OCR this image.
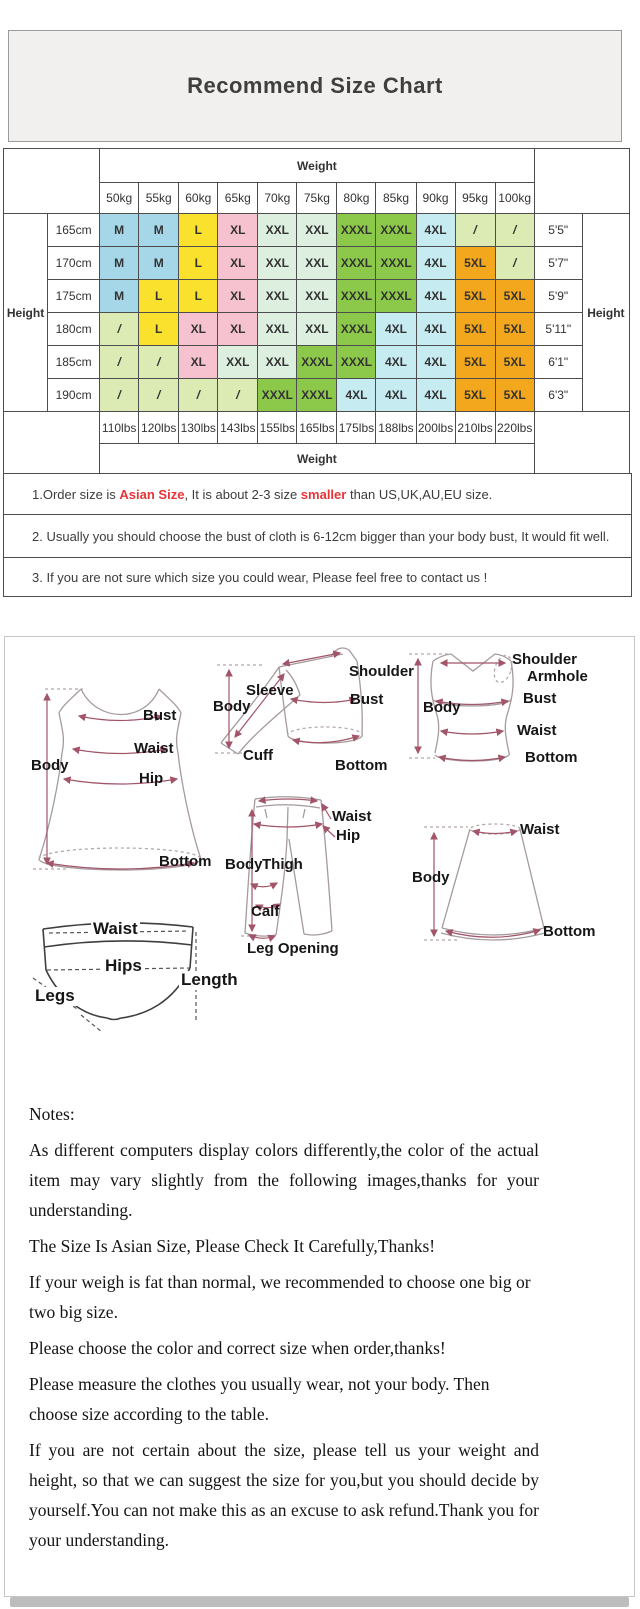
Recommend Size Chart
		Weight												
		50kg	55kg	60kg	65kg	70kg	75kg	80kg	85kg	90kg	95kg	100kg		
Height	165cm	M	M	L	XL	XXL	XXL	XXXL	XXXL	4XL	/	/	5'5"	Height
	170cm	M	M	L	XL	XXL	XXL	XXXL	XXXL	4XL	5XL	/	5'7"	
	175cm	M	L	L	XL	XXL	XXL	XXXL	XXXL	4XL	5XL	5XL	5'9"	
	180cm	/	L	XL	XL	XXL	XXL	XXXL	4XL	4XL	5XL	5XL	5'11"	
	185cm	/	/	XL	XXL	XXL	XXXL	XXXL	4XL	4XL	5XL	5XL	6'1"	
	190cm	/	/	/	/	XXXL	XXXL	4XL	4XL	4XL	5XL	5XL	6'3"	
		110lbs	120lbs	130lbs	143lbs	155lbs	165lbs	175lbs	188lbs	200lbs	210lbs	220lbs		
		Weight												
1.Order size is Asian Size, It is about 2-3 size smaller than US,UK,AU,EU size.
2. Usually you should choose the bust of cloth is 6-12cm bigger than your body bust, It would fit well.
3. If you are not sure which size you could wear, Please feel free to contact us !
Body
Bust
Waist
Hip
Bottom
Shoulder
Sleeve
Body	Bust
Cuff
Bottom
Shoulder
Armhole
Bust
Body
Waist
Bottom
Waist
Hip
Body Thigh
Calf
Leg Opening
Waist
Body
Bottom
Waist
Hips
Legs
Length

Notes:

As different computers display colors differently,the color of the actual item may vary slightly from the following images,thanks for your understanding.

The Size Is Asian Size, Please Check It Carefully,Thanks!

If your weigh is fat than normal, we recommended to choose one big or two big size.

Please choose the color and correct size when order,thanks!

Please measure the clothes you usually wear, not your body. Then choose size according to the table.

If you are not certain about the size, please tell us your weight and height, so that we can suggest the size for you,but you should decide by yourself.You can not make this as an excuse to ask refund.Thank you for your understanding.
